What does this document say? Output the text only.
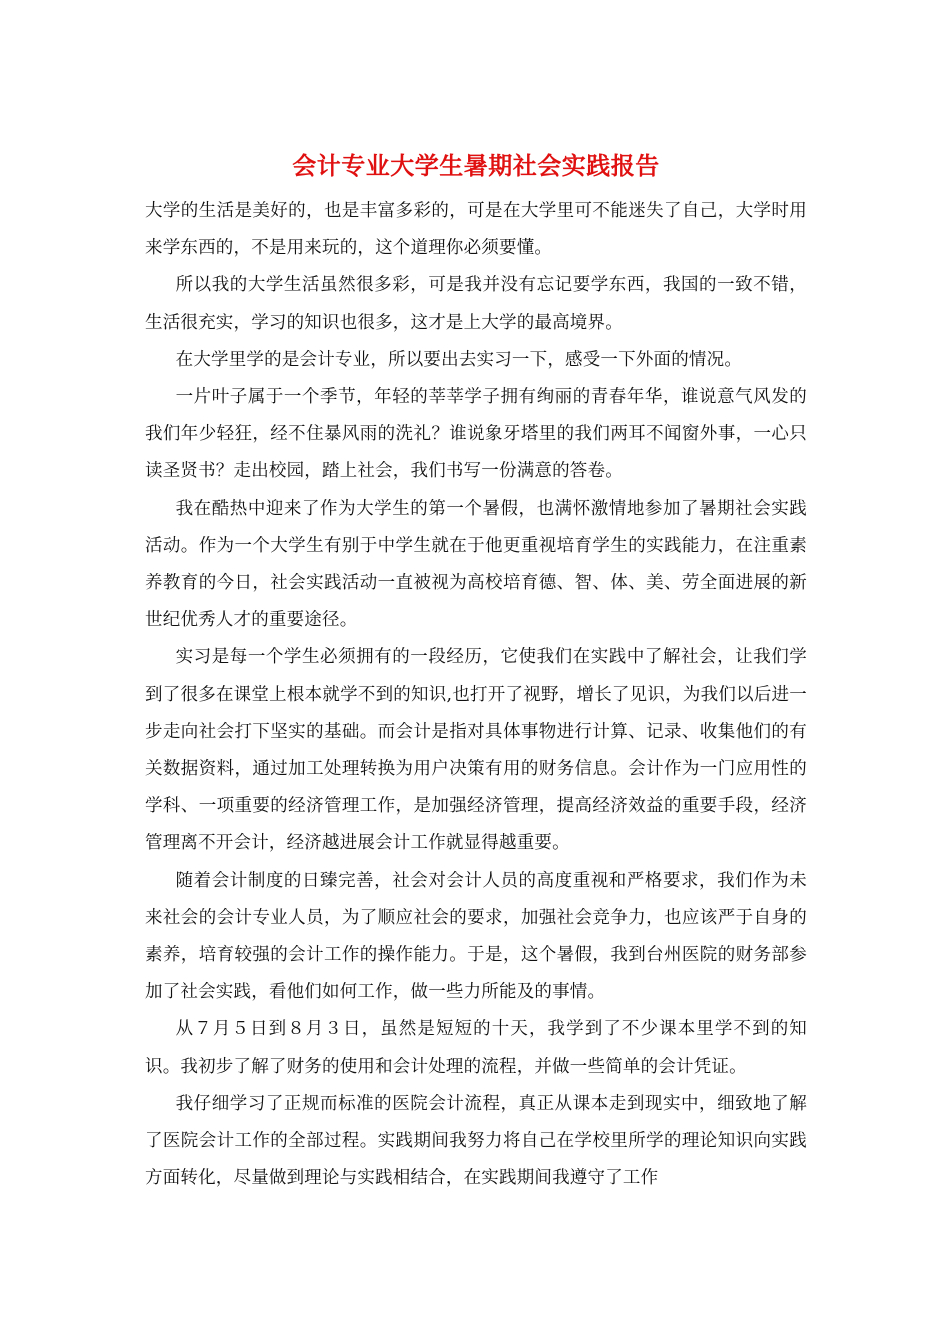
会计专业大学生暑期社会实践报告

大学的生活是美好的，也是丰富多彩的，可是在大学里可不能迷失了自己，大学时用来学东西的，不是用来玩的，这个道理你必须要懂。

所以我的大学生活虽然很多彩，可是我并没有忘记要学东西，我国的一致不错，生活很充实，学习的知识也很多，这才是上大学的最高境界。

在大学里学的是会计专业，所以要出去实习一下，感受一下外面的情况。

一片叶子属于一个季节，年轻的莘莘学子拥有绚丽的青春年华，谁说意气风发的我们年少轻狂，经不住暴风雨的洗礼？谁说象牙塔里的我们两耳不闻窗外事，一心只读圣贤书？走出校园，踏上社会，我们书写一份满意的答卷。

我在酷热中迎来了作为大学生的第一个暑假，也满怀激情地参加了暑期社会实践活动。作为一个大学生有别于中学生就在于他更重视培育学生的实践能力，在注重素养教育的今日，社会实践活动一直被视为高校培育德、智、体、美、劳全面进展的新世纪优秀人才的重要途径。

实习是每一个学生必须拥有的一段经历，它使我们在实践中了解社会，让我们学到了很多在课堂上根本就学不到的知识,也打开了视野，增长了见识，为我们以后进一步走向社会打下坚实的基础。而会计是指对具体事物进行计算、记录、收集他们的有关数据资料，通过加工处理转换为用户决策有用的财务信息。会计作为一门应用性的学科、一项重要的经济管理工作，是加强经济管理，提高经济效益的重要手段，经济管理离不开会计，经济越进展会计工作就显得越重要。

随着会计制度的日臻完善，社会对会计人员的高度重视和严格要求，我们作为未来社会的会计专业人员，为了顺应社会的要求，加强社会竞争力，也应该严于自身的素养，培育较强的会计工作的操作能力。于是，这个暑假，我到台州医院的财务部参加了社会实践，看他们如何工作，做一些力所能及的事情。

从７月５日到８月３日，虽然是短短的十天，我学到了不少课本里学不到的知识。我初步了解了财务的使用和会计处理的流程，并做一些简单的会计凭证。

我仔细学习了正规而标准的医院会计流程，真正从课本走到现实中，细致地了解了医院会计工作的全部过程。实践期间我努力将自己在学校里所学的理论知识向实践方面转化，尽量做到理论与实践相结合，在实践期间我遵守了工作
